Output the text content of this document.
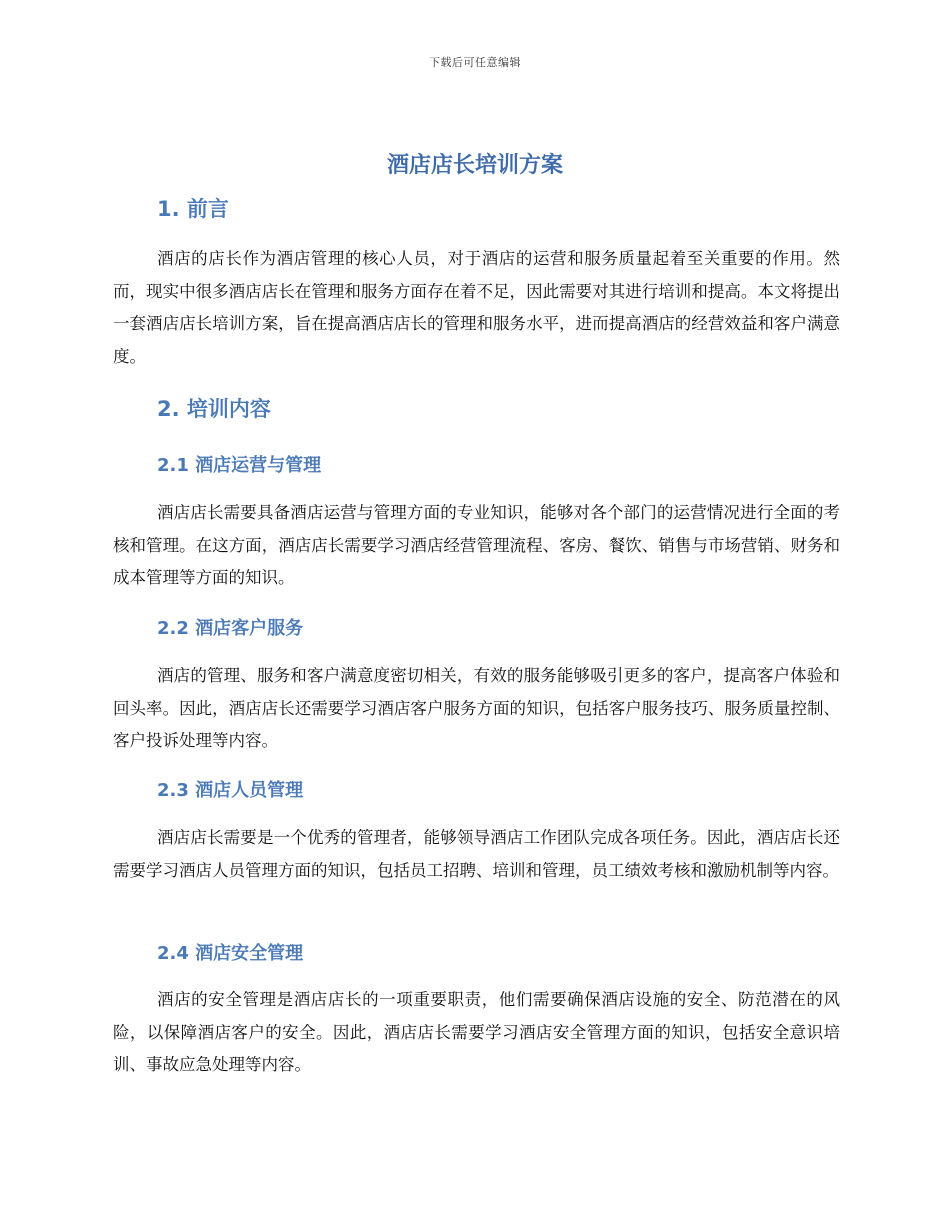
下载后可任意编辑
酒店店长培训方案
1. 前言

酒店的店长作为酒店管理的核心人员，对于酒店的运营和服务质量起着至关重要的作用。然而，现实中很多酒店店长在管理和服务方面存在着不足，因此需要对其进行培训和提高。本文将提出一套酒店店长培训方案，旨在提高酒店店长的管理和服务水平，进而提高酒店的经营效益和客户满意度。

2. 培训内容
2.1 酒店运营与管理

酒店店长需要具备酒店运营与管理方面的专业知识，能够对各个部门的运营情况进行全面的考核和管理。在这方面，酒店店长需要学习酒店经营管理流程、客房、餐饮、销售与市场营销、财务和成本管理等方面的知识。

2.2 酒店客户服务

酒店的管理、服务和客户满意度密切相关，有效的服务能够吸引更多的客户，提高客户体验和回头率。因此，酒店店长还需要学习酒店客户服务方面的知识，包括客户服务技巧、服务质量控制、客户投诉处理等内容。

2.3 酒店人员管理

酒店店长需要是一个优秀的管理者，能够领导酒店工作团队完成各项任务。因此，酒店店长还需要学习酒店人员管理方面的知识，包括员工招聘、培训和管理，员工绩效考核和激励机制等内容。

2.4 酒店安全管理

酒店的安全管理是酒店店长的一项重要职责，他们需要确保酒店设施的安全、防范潜在的风险，以保障酒店客户的安全。因此，酒店店长需要学习酒店安全管理方面的知识，包括安全意识培训、事故应急处理等内容。
